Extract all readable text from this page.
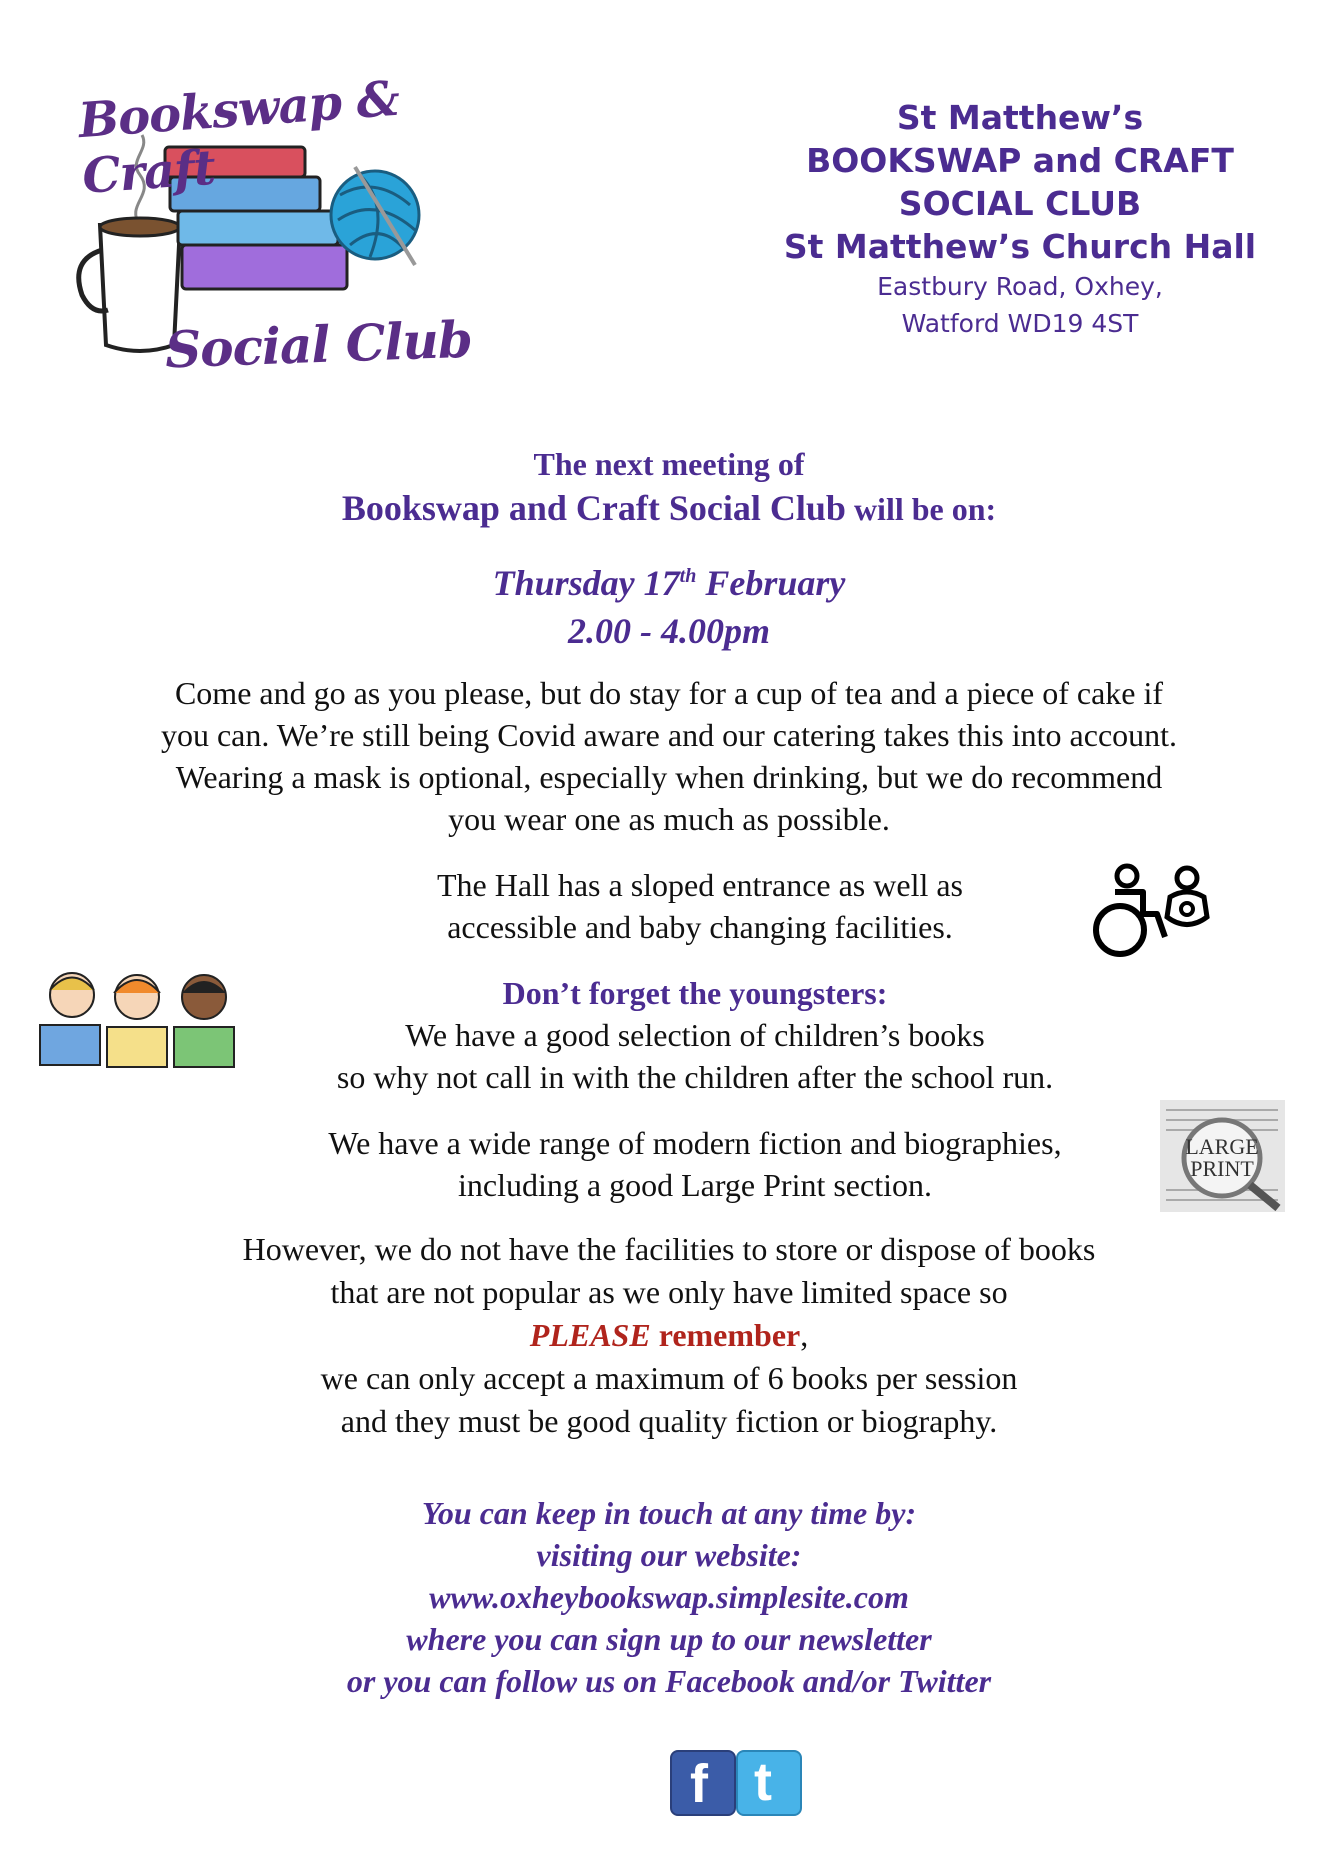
Bookswap & Craft
Social Club
St Matthew’s
BOOKSWAP and CRAFT
SOCIAL CLUB
St Matthew’s Church Hall
Eastbury Road, Oxhey,
Watford WD19 4ST
The next meeting of
Bookswap and Craft Social Club will be on:
Thursday 17th February
2.00 - 4.00pm
Come and go as you please, but do stay for a cup of tea and a piece of cake if
you can. We’re still being Covid aware and our catering takes this into account.
Wearing a mask is optional, especially when drinking, but we do recommend
you wear one as much as possible.
The Hall has a sloped entrance as well as
accessible and baby changing facilities.
Don’t forget the youngsters:
We have a good selection of children’s books
so why not call in with the children after the school run.
We have a wide range of modern fiction and biographies,
including a good Large Print section.
LARGE
PRINT
However, we do not have the facilities to store or dispose of books
that are not popular as we only have limited space so
PLEASE remember,
we can only accept a maximum of 6 books per session
and they must be good quality fiction or biography.
You can keep in touch at any time by:
visiting our website:
www.oxheybookswap.simplesite.com
where you can sign up to our newsletter
or you can follow us on Facebook and/or Twitter
f t
